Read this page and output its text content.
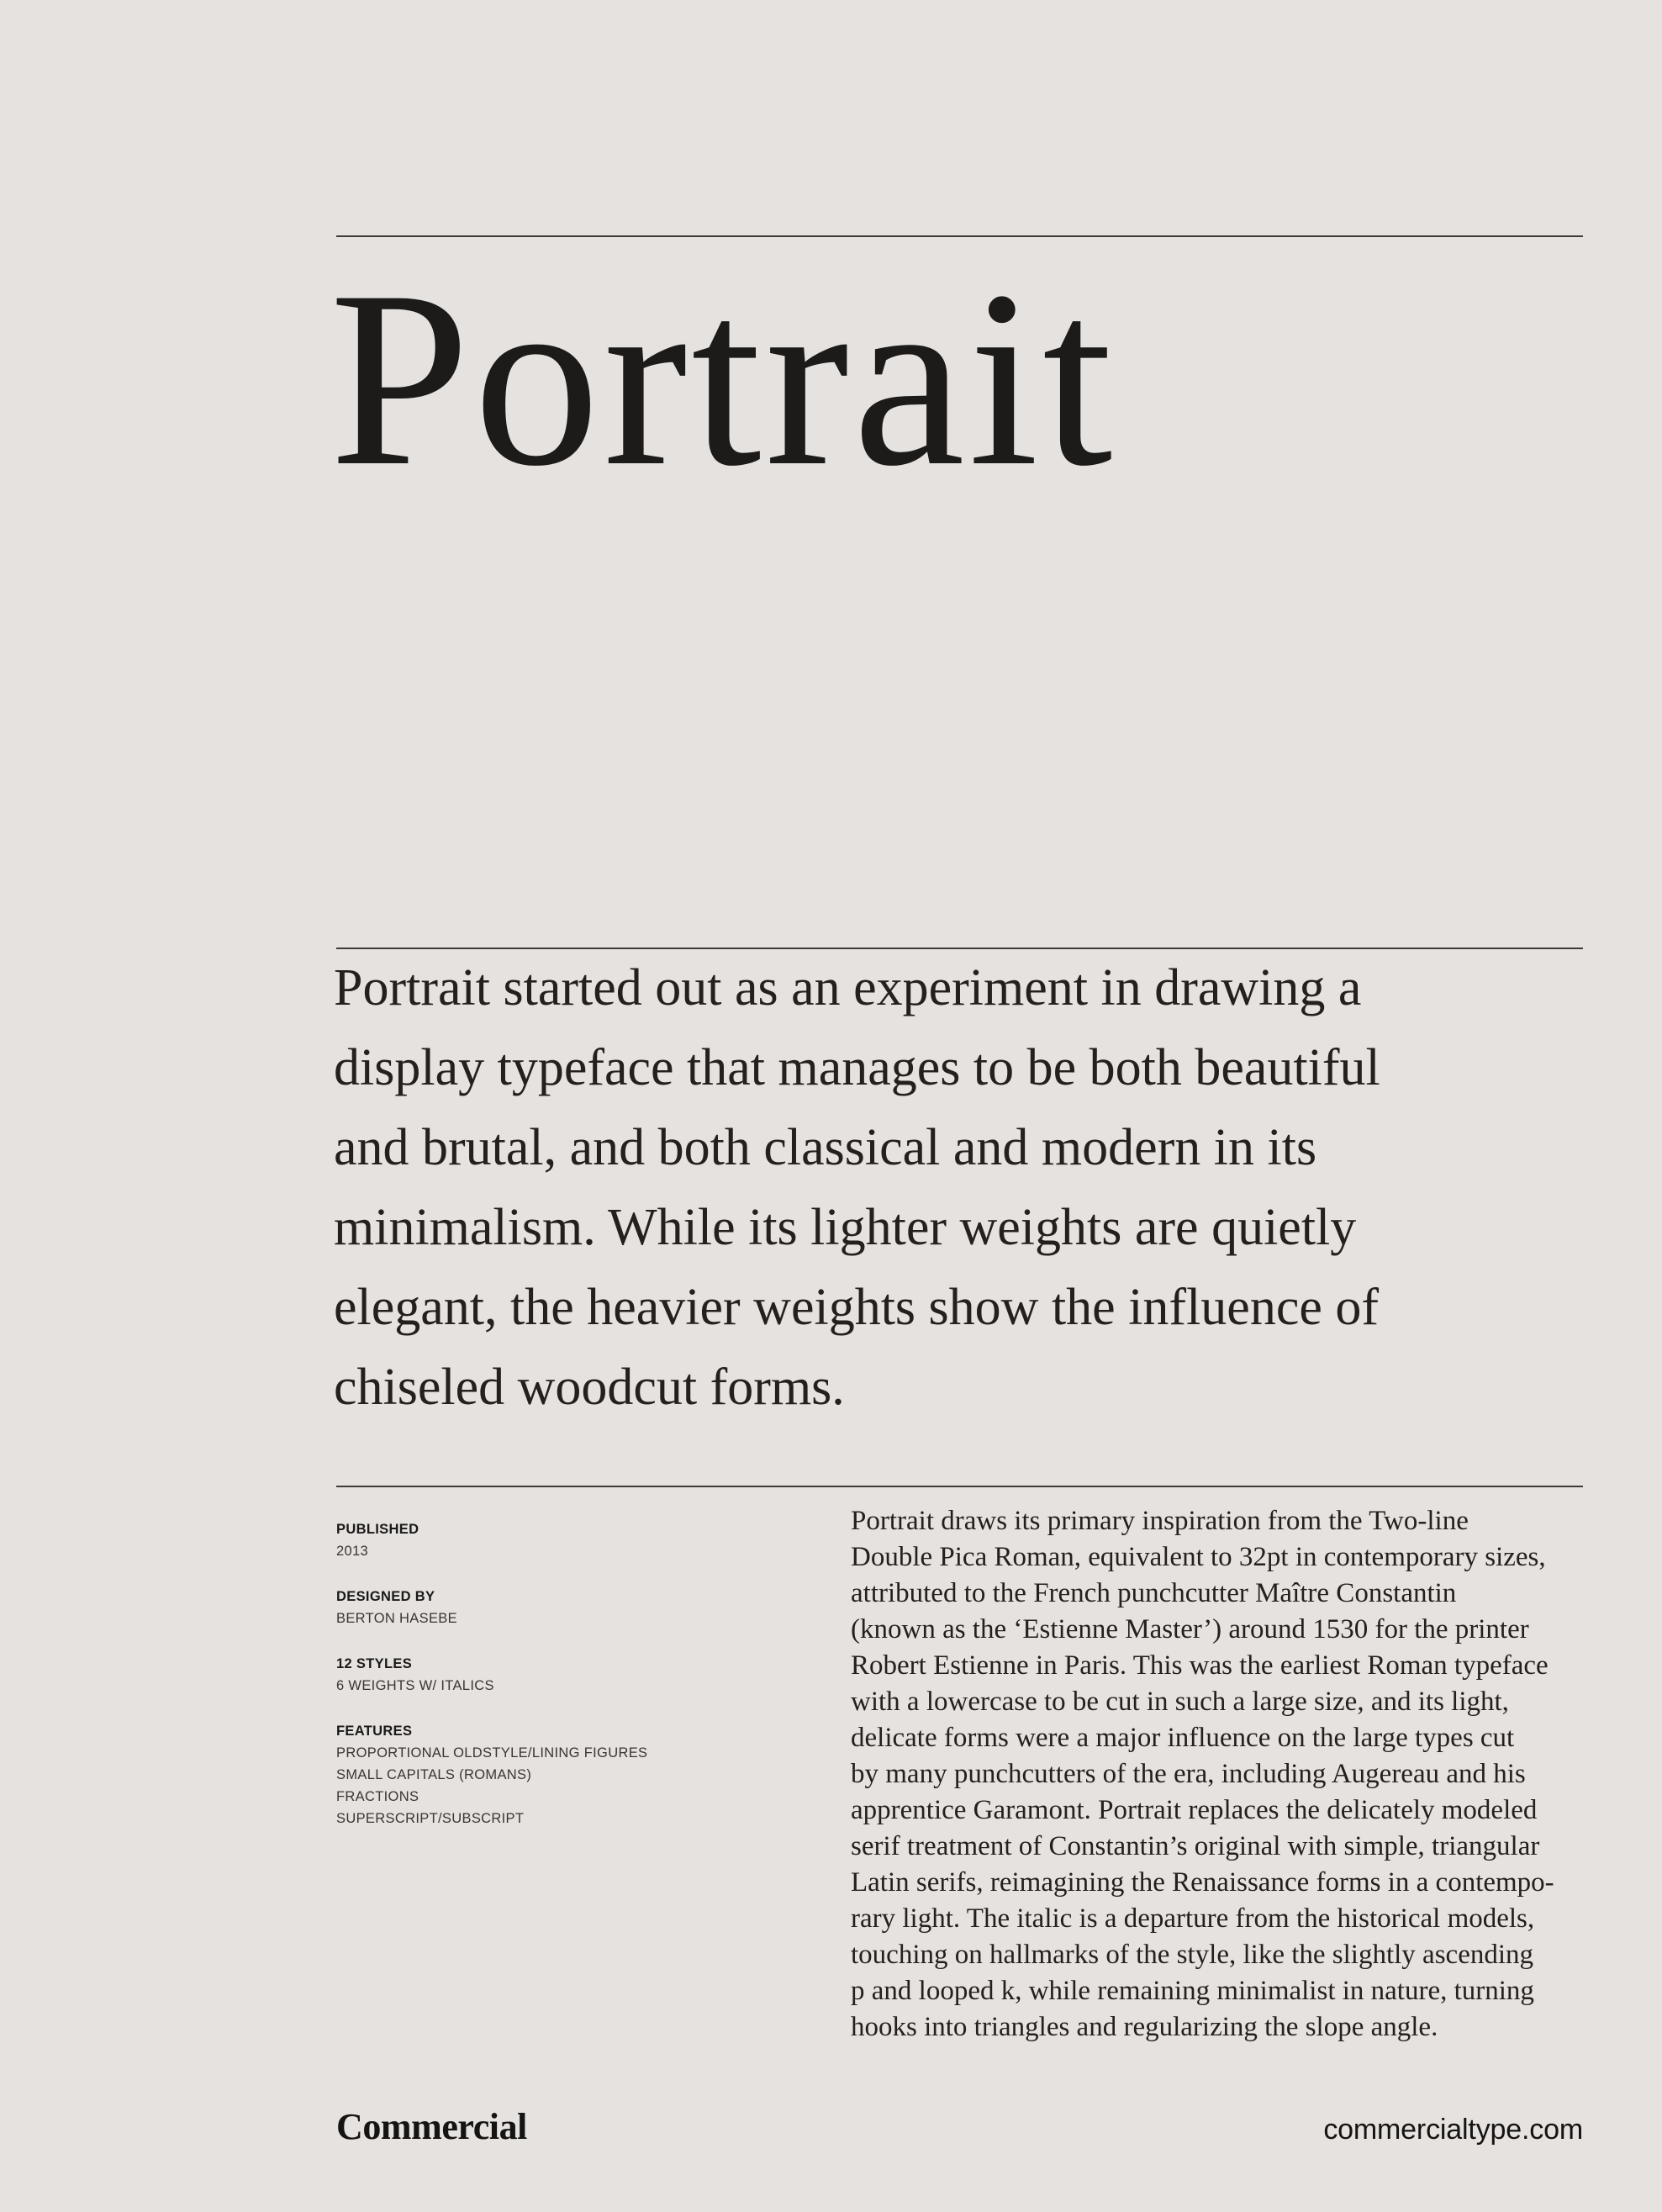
Portrait
Portrait started out as an experiment in drawing a
display typeface that manages to be both beautiful
and brutal, and both classical and modern in its
minimalism. While its lighter weights are quietly
elegant, the heavier weights show the influence of
chiseled woodcut forms.
PUBLISHED
2013
DESIGNED BY
BERTON HASEBE
12 STYLES
6 WEIGHTS W/ ITALICS
FEATURES
PROPORTIONAL OLDSTYLE/LINING FIGURES
SMALL CAPITALS (ROMANS)
FRACTIONS
SUPERSCRIPT/SUBSCRIPT
Portrait draws its primary inspiration from the Two-line
Double Pica Roman, equivalent to 32pt in contemporary sizes,
attributed to the French punchcutter Maître Constantin
(known as the ‘Estienne Master’) around 1530 for the printer
Robert Estienne in Paris. This was the earliest Roman typeface
with a lowercase to be cut in such a large size, and its light,
delicate forms were a major influence on the large types cut
by many punchcutters of the era, including Augereau and his
apprentice Garamont. Portrait replaces the delicately modeled
serif treatment of Constantin’s original with simple, triangular
Latin serifs, reimagining the Renaissance forms in a contempo-
rary light. The italic is a departure from the historical models,
touching on hallmarks of the style, like the slightly ascending
p and looped k, while remaining minimalist in nature, turning
hooks into triangles and regularizing the slope angle.
Commercial	commercialtype.com
